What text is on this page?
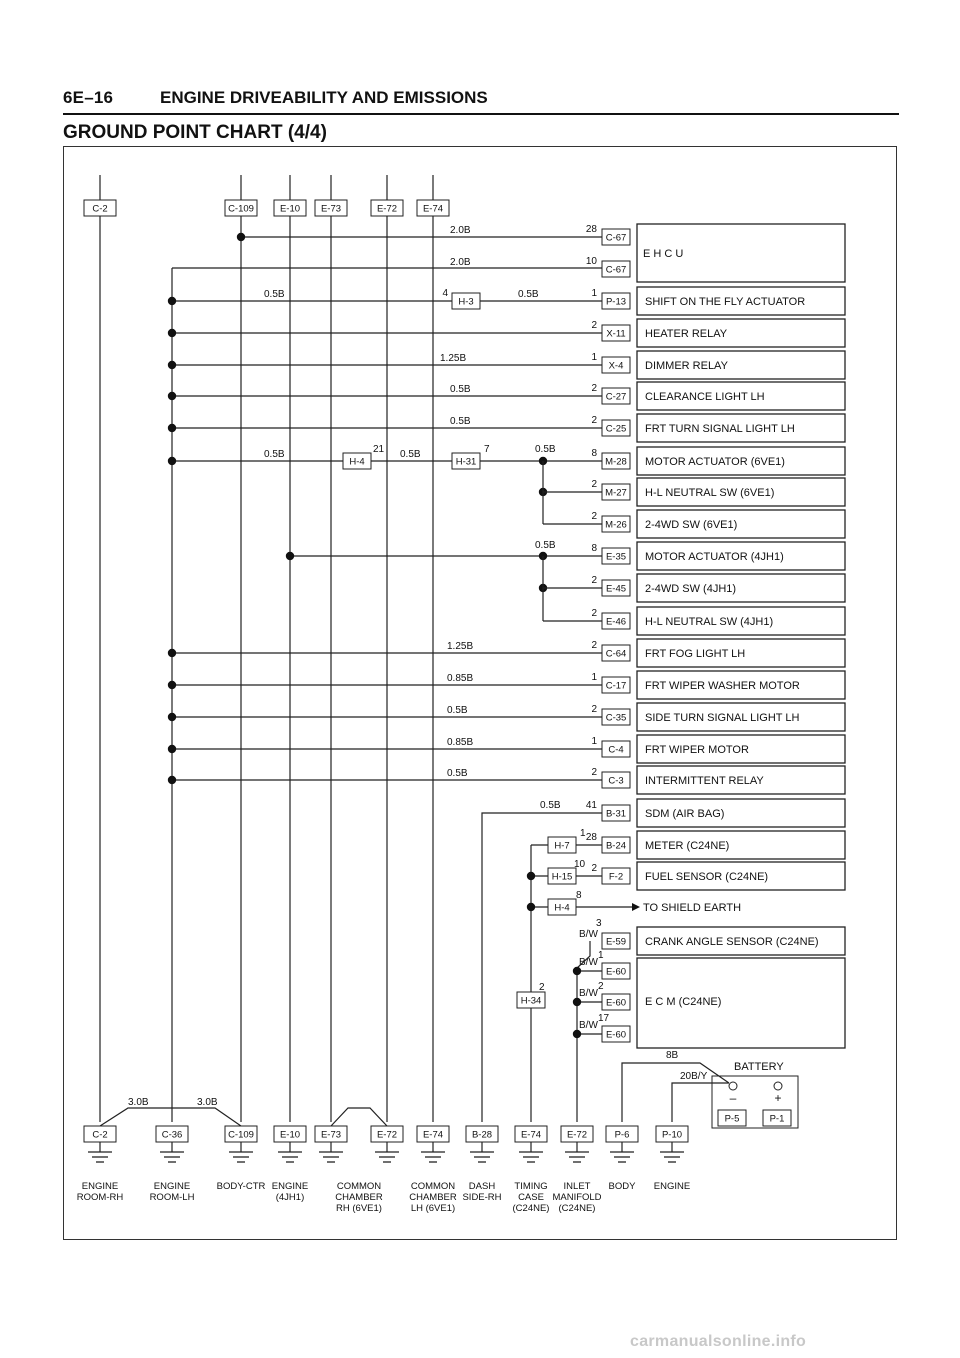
6E–16	ENGINE DRIVEABILITY AND EMISSIONS
GROUND POINT CHART (4/4)
C-2	C-109	E-10 E-73	E-72	E-74
E H C U
C-67
C-67
28
10
2.0B
2.0B
SHIFT ON THE FLY ACTUATOR
P-13
1
HEATER RELAY
X-11
2
DIMMER RELAY
X-4
1
CLEARANCE LIGHT LH
C-27
2
FRT TURN SIGNAL LIGHT LH
C-25
2
MOTOR ACTUATOR (6VE1)
M-28
8
H-L NEUTRAL SW (6VE1)
M-27
2
2-4WD SW (6VE1)
M-26
2
MOTOR ACTUATOR (4JH1)
E-35
8
2-4WD SW (4JH1)
E-45
2
H-L NEUTRAL SW (4JH1)
E-46
2
FRT FOG LIGHT LH
C-64
2
FRT WIPER WASHER MOTOR
C-17
1
SIDE TURN SIGNAL LIGHT LH
C-35
2
FRT WIPER MOTOR
C-4
1
INTERMITTENT RELAY
C-3
2
SDM (AIR BAG)
B-31
41
METER (C24NE)
B-24
28
FUEL SENSOR (C24NE)
F-2
2
H-3
4
0.5B	0.5B
1.25B
0.5B
0.5B
0.5B
H-4
21 0.5B
H-31
7	0.5B
0.5B
1.25B
0.85B
0.5B
0.85B
0.5B
0.5B
H-7
1
H-15
10
H-4
8
TO SHIELD EARTH
H-34
2
CRANK ANGLE SENSOR (C24NE)
E-59
3
B/W
E C M (C24NE)
E-60
1
B/W
E-60
2
B/W
E-60
17
B/W
BATTERY
–	+
P-5	P-1
8B
20B/Y
C-2
ENGINE
ROOM-RH
C-36
ENGINE
ROOM-LH
C-109
BODY-CTR
E-10
ENGINE
(4JH1)
E-73
COMMON
CHAMBER
RH (6VE1)
E-72	E-74
COMMON
CHAMBER
LH (6VE1)
B-28
DASH
SIDE-RH
E-74
TIMING
CASE
(C24NE)
E-72
INLET
MANIFOLD
(C24NE)
P-6
BODY
P-10
ENGINE
3.0B	3.0B
carmanualsonline.info
